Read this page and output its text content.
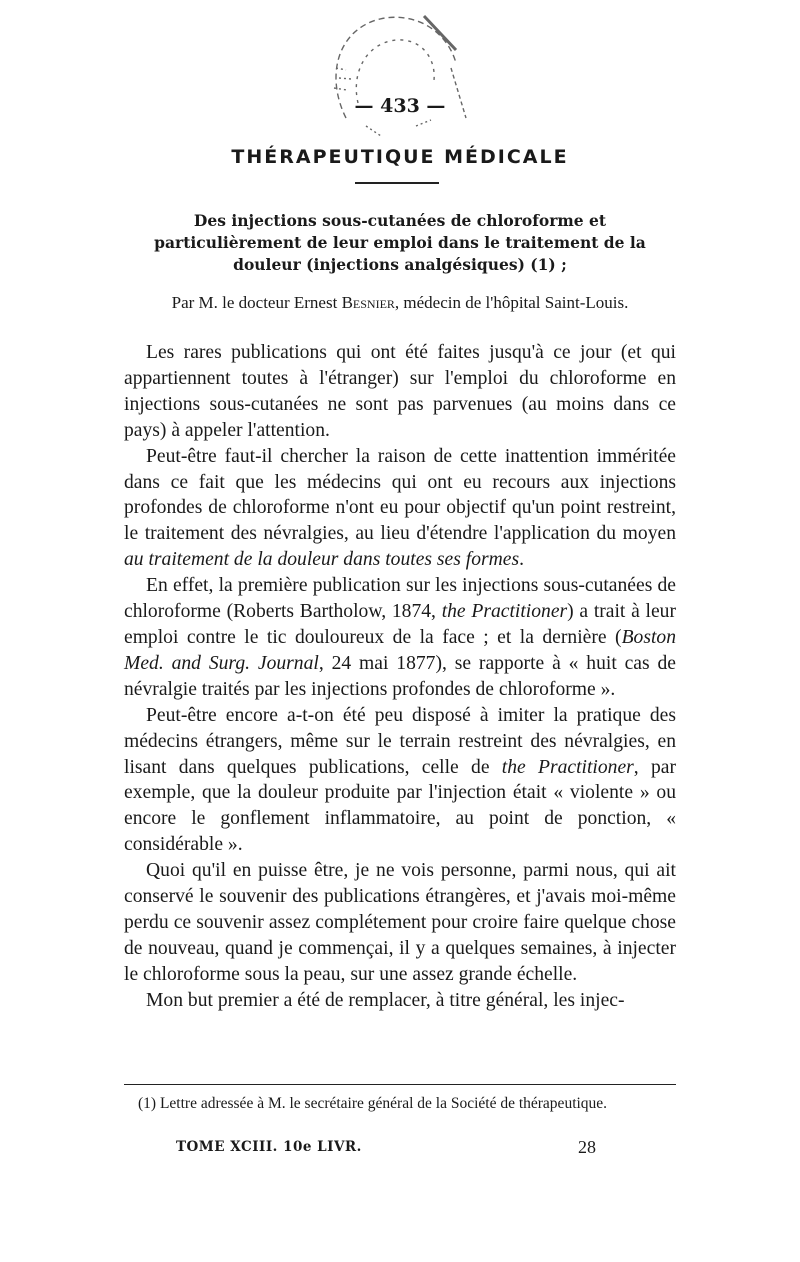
— 433 —
THÉRAPEUTIQUE MÉDICALE

Des injections sous-cutanées de chloroforme et particulièrement de leur emploi dans le traitement de la douleur (injections analgésiques) (1) ;

Par M. le docteur Ernest Besnier, médecin de l'hôpital Saint-Louis.

Les rares publications qui ont été faites jusqu'à ce jour (et qui appartiennent toutes à l'étranger) sur l'emploi du chloroforme en injections sous-cutanées ne sont pas parvenues (au moins dans ce pays) à appeler l'attention.

Peut-être faut-il chercher la raison de cette inattention imméritée dans ce fait que les médecins qui ont eu recours aux injections profondes de chloroforme n'ont eu pour objectif qu'un point restreint, le traitement des névralgies, au lieu d'étendre l'application du moyen au traitement de la douleur dans toutes ses formes.

En effet, la première publication sur les injections sous-cutanées de chloroforme (Roberts Bartholow, 1874, the Practitioner) a trait à leur emploi contre le tic douloureux de la face ; et la dernière (Boston Med. and Surg. Journal, 24 mai 1877), se rapporte à « huit cas de névralgie traités par les injections profondes de chloroforme ».

Peut-être encore a-t-on été peu disposé à imiter la pratique des médecins étrangers, même sur le terrain restreint des névralgies, en lisant dans quelques publications, celle de the Practitioner, par exemple, que la douleur produite par l'injection était « violente » ou encore le gonflement inflammatoire, au point de ponction, « considérable ».

Quoi qu'il en puisse être, je ne vois personne, parmi nous, qui ait conservé le souvenir des publications étrangères, et j'avais moi-même perdu ce souvenir assez complétement pour croire faire quelque chose de nouveau, quand je commençai, il y a quelques semaines, à injecter le chloroforme sous la peau, sur une assez grande échelle.

Mon but premier a été de remplacer, à titre général, les injec-

(1) Lettre adressée à M. le secrétaire général de la Société de thérapeutique.

TOME XCIII. 10e LIVR.	28
